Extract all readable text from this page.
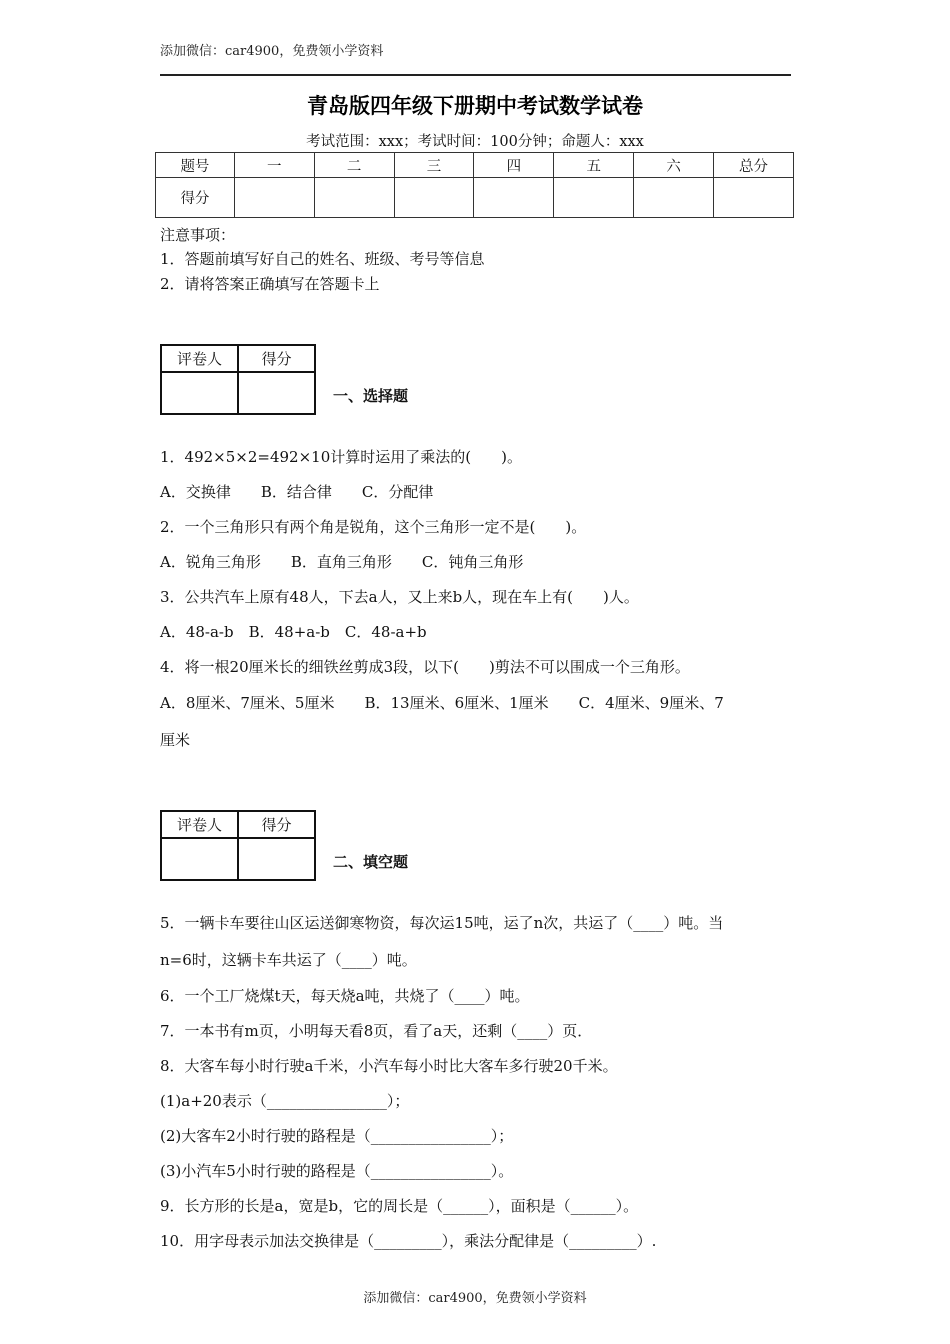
添加微信：car4900，免费领小学资料
青岛版四年级下册期中考试数学试卷
考试范围：xxx；考试时间：100分钟；命题人：xxx
题号	一	二	三	四	五	六	总分
得分							
注意事项：
1．答题前填写好自己的姓名、班级、考号等信息
2．请将答案正确填写在答题卡上
评卷人	得分

一、选择题
1．492×5×2=492×10计算时运用了乘法的(　　)。
A．交换律　　B．结合律　　C．分配律
2．一个三角形只有两个角是锐角，这个三角形一定不是(　　)。
A．锐角三角形　　B．直角三角形　　C．钝角三角形
3．公共汽车上原有48人，下去a人，又上来b人，现在车上有(　　)人。
A．48-a-b　B．48+a-b　C．48-a+b
4．将一根20厘米长的细铁丝剪成3段，以下(　　)剪法不可以围成一个三角形。
A．8厘米、7厘米、5厘米　　B．13厘米、6厘米、1厘米　　C．4厘米、9厘米、7
厘米
评卷人	得分

二、填空题
5．一辆卡车要往山区运送御寒物资，每次运15吨，运了n次，共运了（____）吨。当
n=6时，这辆卡车共运了（____）吨。
6．一个工厂烧煤t天，每天烧a吨，共烧了（____）吨。
7．一本书有m页，小明每天看8页，看了a天，还剩（____）页．
8．大客车每小时行驶a千米，小汽车每小时比大客车多行驶20千米。
(1)a+20表示（________________）；
(2)大客车2小时行驶的路程是（________________）；
(3)小汽车5小时行驶的路程是（________________）。
9．长方形的长是a，宽是b，它的周长是（______），面积是（______）。
10．用字母表示加法交换律是（_________），乘法分配律是（_________）.
添加微信：car4900，免费领小学资料
